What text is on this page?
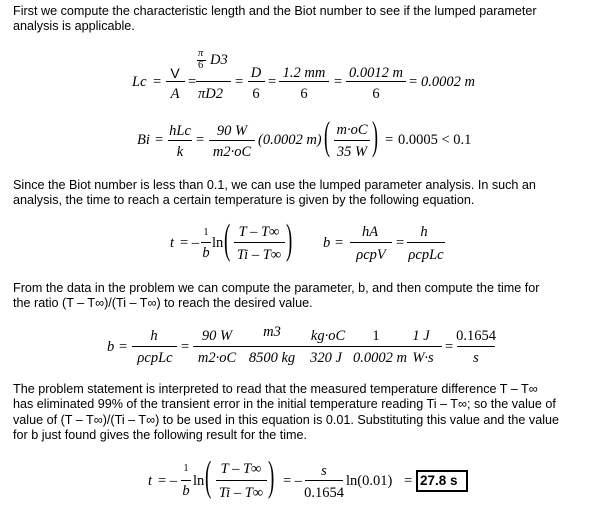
First we compute the characteristic length and the Biot number to see if the lumped parameter
analysis is applicable.

Lc =
V
A
=
π
6 D3
πD2
=
D
6
=
1.2 mm
6
=
0.0012 m
6
= 0.0002 m
Bi =
hLc
k
=
90 W
m2·oC
(0.0002 m) ( m·oC
35 W ) = 0.0005 < 0.1

Since the Biot number is less than 0.1, we can use the lumped parameter analysis. In such an
analysis, the time to reach a certain temperature is given by the following equation.

t = –
1
b
ln ( T – T∞
Ti – T∞ ) b =
hA
ρcpV
=
h
ρcpLc

From the data in the problem we can compute the parameter, b, and then compute the time for
the ratio (T – T∞)/(Ti – T∞) to reach the desired value.

b =
h
ρcpLc
=
90 W
m2·oC
m3
8500 kg
kg·oC
320 J
1
0.0002 m
1 J
W·s
=
0.1654
s

The problem statement is interpreted to read that the measured temperature difference T – T∞
has eliminated 99% of the transient error in the initial temperature reading Ti – T∞; so the value of
value of (T – T∞)/(Ti – T∞) to be used in this equation is 0.01. Substituting this value and the value
for b just found gives the following result for the time.

t = –
1
b
ln ( T – T∞
Ti – T∞ ) = –
s
0.1654
ln(0.01) = 27.8 s
